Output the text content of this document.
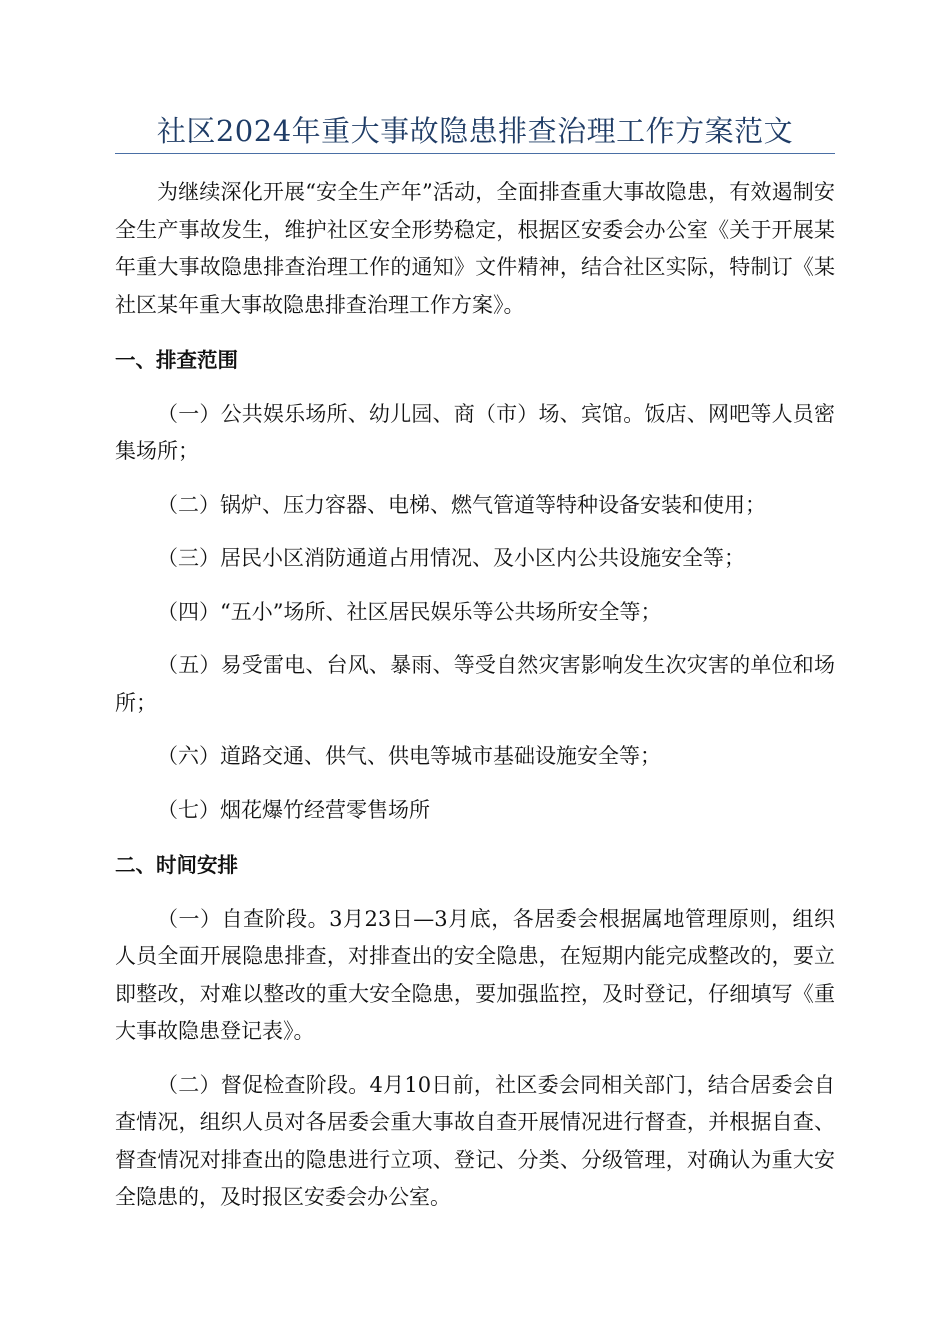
社区2024年重大事故隐患排查治理工作方案范文

为继续深化开展“安全生产年”活动，全面排查重大事故隐患，有效遏制安全生产事故发生，维护社区安全形势稳定，根据区安委会办公室《关于开展某年重大事故隐患排查治理工作的通知》文件精神，结合社区实际，特制订《某社区某年重大事故隐患排查治理工作方案》。

一、排查范围

（一）公共娱乐场所、幼儿园、商（市）场、宾馆。饭店、网吧等人员密集场所；

（二）锅炉、压力容器、电梯、燃气管道等特种设备安装和使用；

（三）居民小区消防通道占用情况、及小区内公共设施安全等；

（四）“五小”场所、社区居民娱乐等公共场所安全等；

（五）易受雷电、台风、暴雨、等受自然灾害影响发生次灾害的单位和场所；

（六）道路交通、供气、供电等城市基础设施安全等；

（七）烟花爆竹经营零售场所

二、时间安排

（一）自查阶段。3月23日—3月底，各居委会根据属地管理原则，组织人员全面开展隐患排查，对排查出的安全隐患，在短期内能完成整改的，要立即整改，对难以整改的重大安全隐患，要加强监控，及时登记，仔细填写《重大事故隐患登记表》。

（二）督促检查阶段。4月10日前，社区委会同相关部门，结合居委会自查情况，组织人员对各居委会重大事故自查开展情况进行督查，并根据自查、督查情况对排查出的隐患进行立项、登记、分类、分级管理，对确认为重大安全隐患的，及时报区安委会办公室。
